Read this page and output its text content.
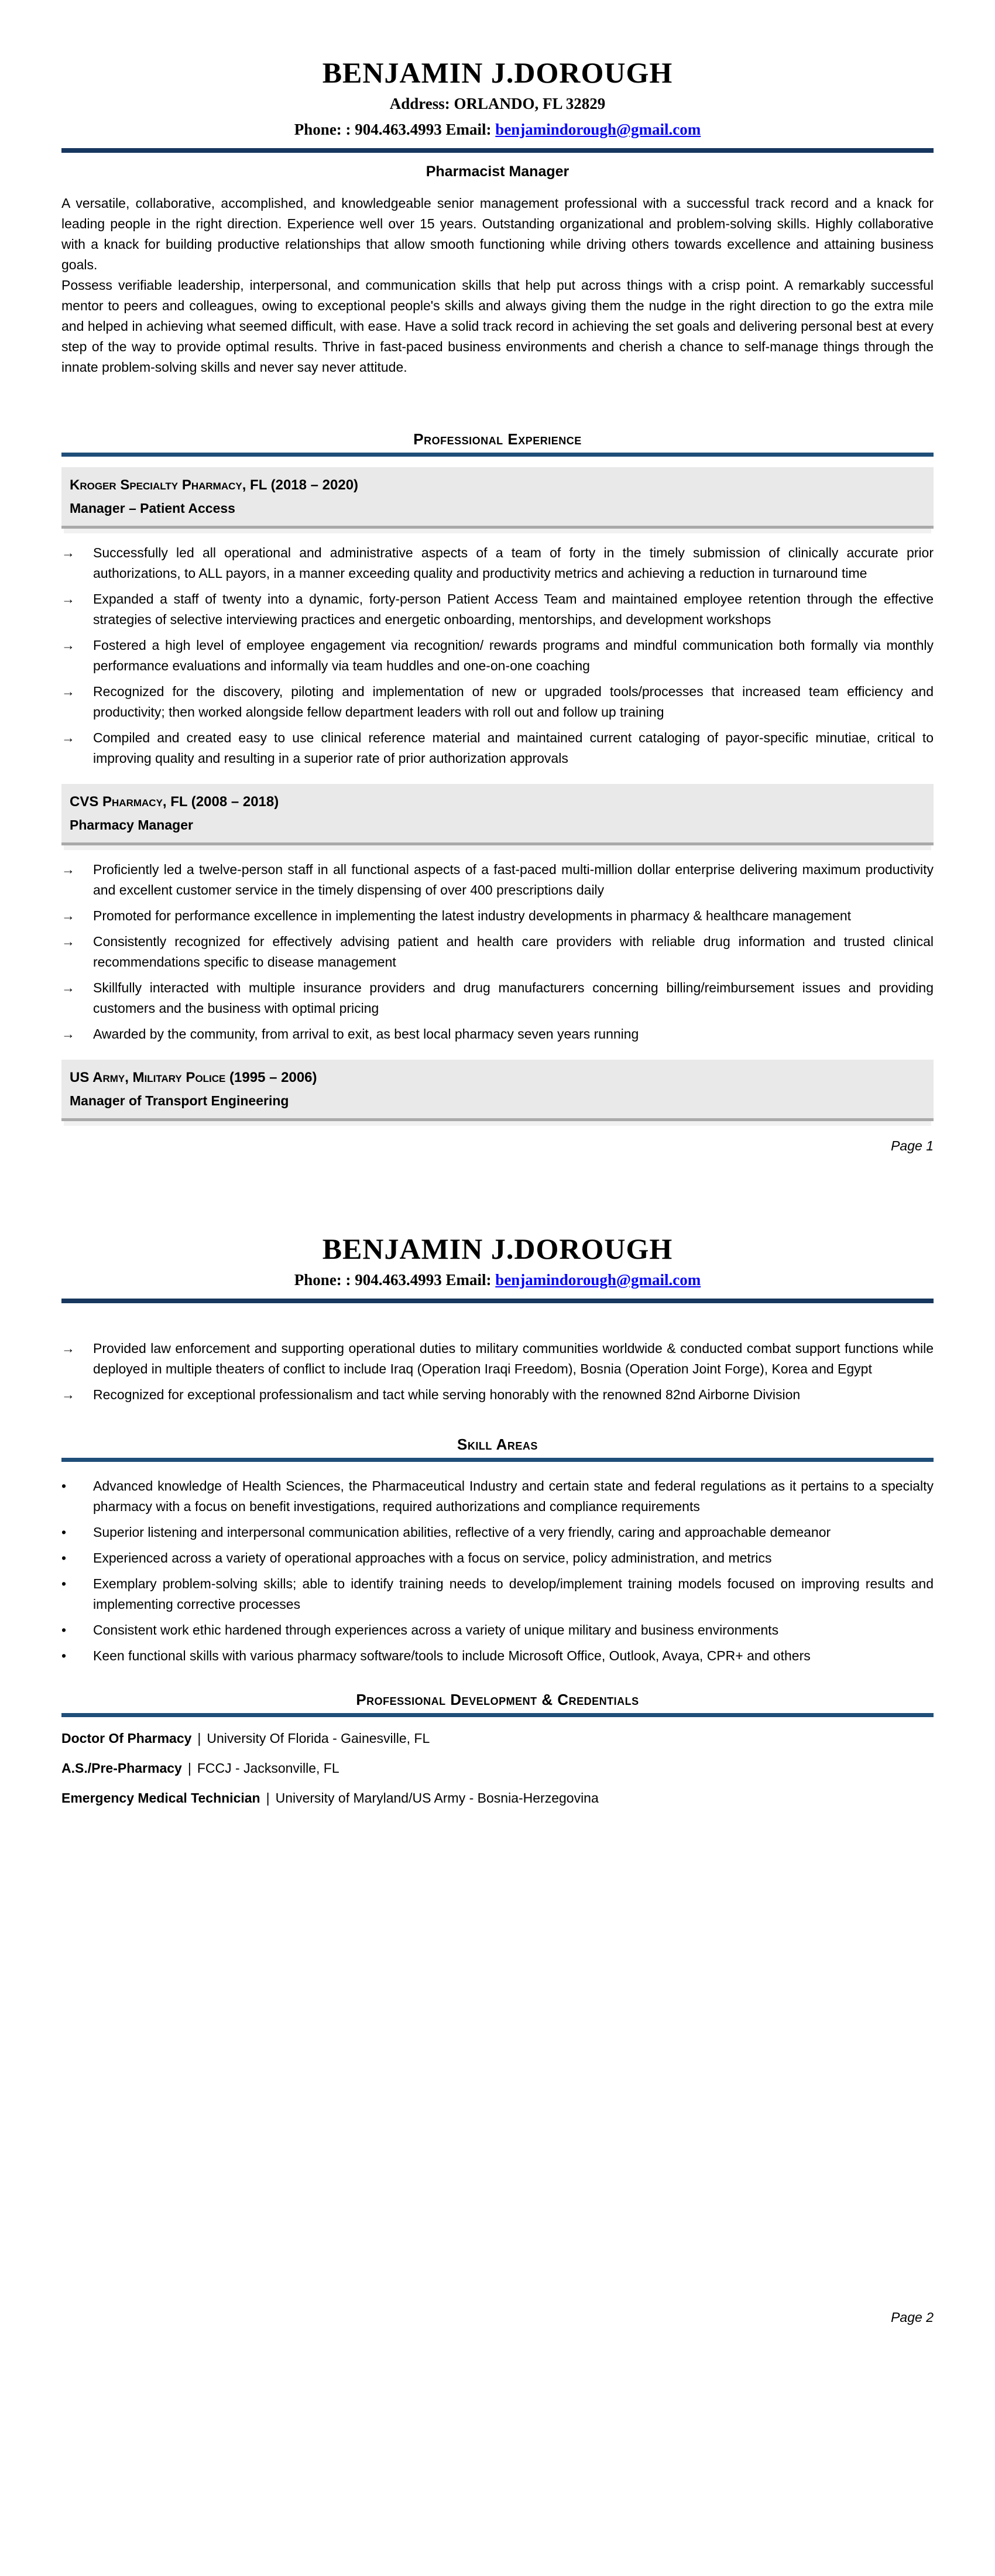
BENJAMIN J.DOROUGH
Address: ORLANDO, FL 32829
Phone: : 904.463.4993 Email: benjamindorough@gmail.com
Pharmacist Manager

A versatile, collaborative, accomplished, and knowledgeable senior management professional with a successful track record and a knack for leading people in the right direction. Experience well over 15 years. Outstanding organizational and problem-solving skills. Highly collaborative with a knack for building productive relationships that allow smooth functioning while driving others towards excellence and attaining business goals.

Possess verifiable leadership, interpersonal, and communication skills that help put across things with a crisp point. A remarkably successful mentor to peers and colleagues, owing to exceptional people's skills and always giving them the nudge in the right direction to go the extra mile and helped in achieving what seemed difficult, with ease. Have a solid track record in achieving the set goals and delivering personal best at every step of the way to provide optimal results. Thrive in fast-paced business environments and cherish a chance to self-manage things through the innate problem-solving skills and never say never attitude.

Professional Experience
Kroger Specialty Pharmacy, FL (2018 – 2020)
Manager – Patient Access
→	Successfully led all operational and administrative aspects of a team of forty in the timely submission of clinically accurate prior authorizations, to ALL payors, in a manner exceeding quality and productivity metrics and achieving a reduction in turnaround time
→	Expanded a staff of twenty into a dynamic, forty-person Patient Access Team and maintained employee retention through the effective strategies of selective interviewing practices and energetic onboarding, mentorships, and development workshops
→	Fostered a high level of employee engagement via recognition/ rewards programs and mindful communication both formally via monthly performance evaluations and informally via team huddles and one-on-one coaching
→	Recognized for the discovery, piloting and implementation of new or upgraded tools/processes that increased team efficiency and productivity; then worked alongside fellow department leaders with roll out and follow up training
→	Compiled and created easy to use clinical reference material and maintained current cataloging of payor-specific minutiae, critical to improving quality and resulting in a superior rate of prior authorization approvals
CVS Pharmacy, FL (2008 – 2018)
Pharmacy Manager
→	Proficiently led a twelve-person staff in all functional aspects of a fast-paced multi-million dollar enterprise delivering maximum productivity and excellent customer service in the timely dispensing of over 400 prescriptions daily
→	Promoted for performance excellence in implementing the latest industry developments in pharmacy & healthcare management
→	Consistently recognized for effectively advising patient and health care providers with reliable drug information and trusted clinical recommendations specific to disease management
→	Skillfully interacted with multiple insurance providers and drug manufacturers concerning billing/reimbursement issues and providing customers and the business with optimal pricing
→	Awarded by the community, from arrival to exit, as best local pharmacy seven years running
US Army, Military Police (1995 – 2006)
Manager of Transport Engineering
Page 1
BENJAMIN J.DOROUGH
Phone: : 904.463.4993 Email: benjamindorough@gmail.com
→	Provided law enforcement and supporting operational duties to military communities worldwide & conducted combat support functions while deployed in multiple theaters of conflict to include Iraq (Operation Iraqi Freedom), Bosnia (Operation Joint Forge), Korea and Egypt
→	Recognized for exceptional professionalism and tact while serving honorably with the renowned 82nd Airborne Division
Skill Areas
•	Advanced knowledge of Health Sciences, the Pharmaceutical Industry and certain state and federal regulations as it pertains to a specialty pharmacy with a focus on benefit investigations, required authorizations and compliance requirements
•	Superior listening and interpersonal communication abilities, reflective of a very friendly, caring and approachable demeanor
•	Experienced across a variety of operational approaches with a focus on service, policy administration, and metrics
•	Exemplary problem-solving skills; able to identify training needs to develop/implement training models focused on improving results and implementing corrective processes
•	Consistent work ethic hardened through experiences across a variety of unique military and business environments
•	Keen functional skills with various pharmacy software/tools to include Microsoft Office, Outlook, Avaya, CPR+ and others
Professional Development & Credentials
Doctor Of Pharmacy | University Of Florida - Gainesville, FL
A.S./Pre-Pharmacy | FCCJ - Jacksonville, FL
Emergency Medical Technician | University of Maryland/US Army - Bosnia-Herzegovina
Page 2
